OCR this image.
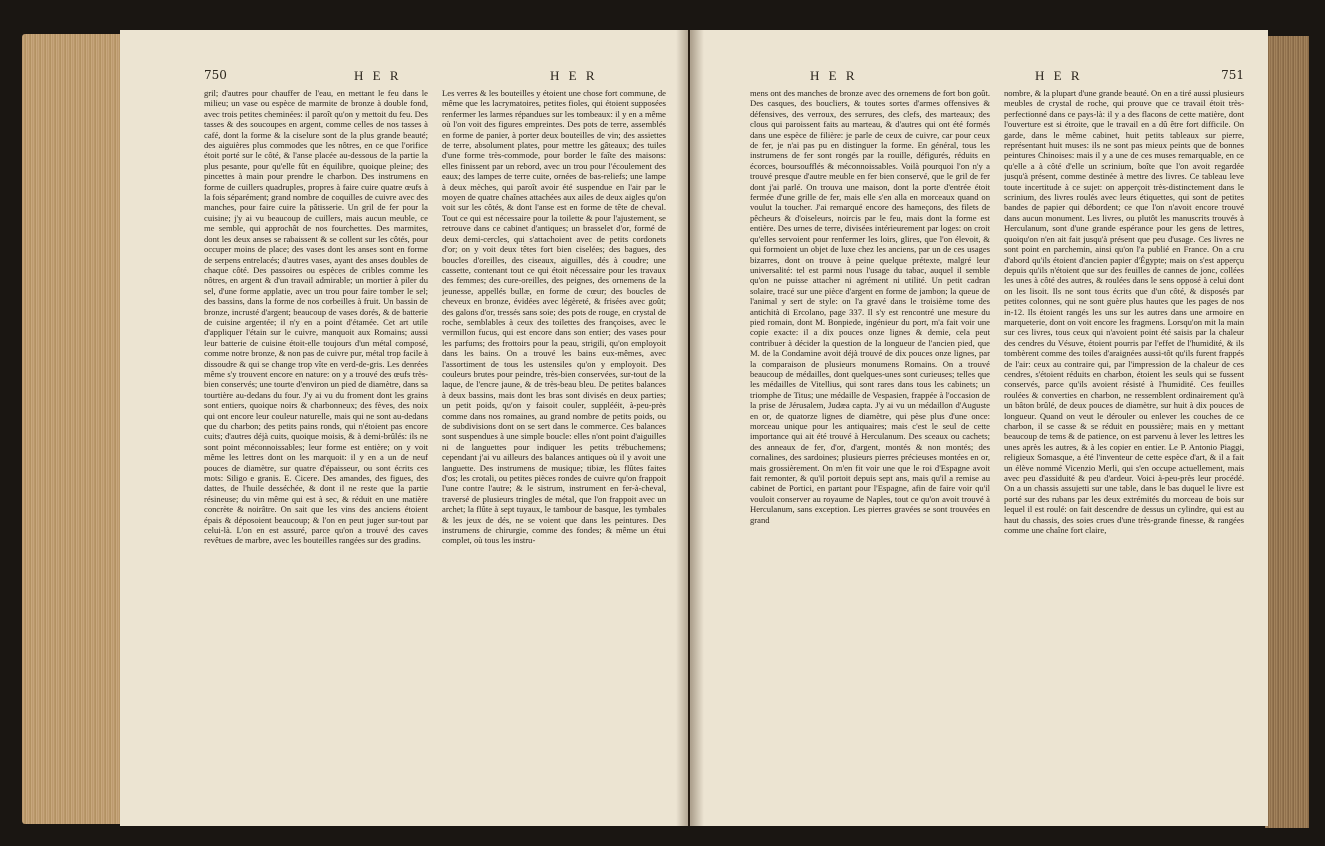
750	H E R	H E R
gril; d'autres pour chauffer de l'eau, en mettant le feu dans le milieu; un vase ou espèce de marmite de bronze à double fond, avec trois petites cheminées: il paroît qu'on y mettoit du feu. Des tasses & des soucoupes en argent, comme celles de nos tasses à café, dont la forme & la ciselure sont de la plus grande beauté; des aiguières plus commodes que les nôtres, en ce que l'orifice étoit porté sur le côté, & l'anse placée au-dessous de la partie la plus pesante, pour qu'elle fût en équilibre, quoique pleine; des pincettes à main pour prendre le charbon. Des instrumens en forme de cuillers quadruples, propres à faire cuire quatre œufs à la fois séparément; grand nombre de coquilles de cuivre avec des manches, pour faire cuire la pâtisserie. Un gril de fer pour la cuisine; j'y ai vu beaucoup de cuillers, mais aucun meuble, ce me semble, qui approchât de nos fourchettes. Des marmites, dont les deux anses se rabaissent & se collent sur les côtés, pour occuper moins de place; des vases dont les anses sont en forme de serpens entrelacés; d'autres vases, ayant des anses doubles de chaque côté. Des passoires ou espèces de cribles comme les nôtres, en argent & d'un travail admirable; un mortier à piler du sel, d'une forme applatie, avec un trou pour faire tomber le sel; des bassins, dans la forme de nos corbeilles à fruit. Un bassin de bronze, incrusté d'argent; beaucoup de vases dorés, & de batterie de cuisine argentée; il n'y en a point d'étamée. Cet art utile d'appliquer l'étain sur le cuivre, manquoit aux Romains; aussi leur batterie de cuisine étoit-elle toujours d'un métal composé, comme notre bronze, & non pas de cuivre pur, métal trop facile à dissoudre & qui se change trop vîte en verd-de-gris. Les denrées même s'y trouvent encore en nature: on y a trouvé des œufs très-bien conservés; une tourte d'environ un pied de diamètre, dans sa tourtière au-dedans du four. J'y ai vu du froment dont les grains sont entiers, quoique noirs & charbonneux; des fèves, des noix qui ont encore leur couleur naturelle, mais qui ne sont au-dedans que du charbon; des petits pains ronds, qui n'étoient pas encore cuits; d'autres déjà cuits, quoique moisis, & à demi-brûlés: ils ne sont point méconnoissables; leur forme est entière; on y voit même les lettres dont on les marquoit: il y en a un de neuf pouces de diamètre, sur quatre d'épaisseur, ou sont écrits ces mots: Siligo e granis. E. Cicere. Des amandes, des figues, des dattes, de l'huile desséchée, & dont il ne reste que la partie résineuse; du vin même qui est à sec, & réduit en une matière concrète & noirâtre. On sait que les vins des anciens étoient épais & déposoient beaucoup; & l'on en peut juger sur-tout par celui-là. L'on en est assuré, parce qu'on a trouvé des caves revêtues de marbre, avec les bouteilles rangées sur des gradins.
Les verres & les bouteilles y étoient une chose fort commune, de même que les lacrymatoires, petites fioles, qui étoient supposées renfermer les larmes répandues sur les tombeaux: il y en a même où l'on voit des figures empreintes. Des pots de terre, assemblés en forme de panier, à porter deux bouteilles de vin; des assiettes de terre, absolument plates, pour mettre les gâteaux; des tuiles d'une forme très-commode, pour border le faîte des maisons: elles finissent par un rebord, avec un trou pour l'écoulement des eaux; des lampes de terre cuite, ornées de bas-reliefs; une lampe à deux mèches, qui paroît avoir été suspendue en l'air par le moyen de quatre chaînes attachées aux ailes de deux aigles qu'on voit sur les côtés, & dont l'anse est en forme de tête de cheval. Tout ce qui est nécessaire pour la toilette & pour l'ajustement, se retrouve dans ce cabinet d'antiques; un brasselet d'or, formé de deux demi-cercles, qui s'attachoient avec de petits cordonets d'or; on y voit deux têtes fort bien ciselées; des bagues, des boucles d'oreilles, des ciseaux, aiguilles, dés à coudre; une cassette, contenant tout ce qui étoit nécessaire pour les travaux des femmes; des cure-oreilles, des peignes, des ornemens de la jeunesse, appellés bullæ, en forme de cœur; des boucles de cheveux en bronze, évidées avec légèreté, & frisées avec goût; des galons d'or, tressés sans soie; des pots de rouge, en crystal de roche, semblables à ceux des toilettes des françoises, avec le vermillon fucus, qui est encore dans son entier; des vases pour les parfums; des frottoirs pour la peau, strigili, qu'on employoit dans les bains. On a trouvé les bains eux-mêmes, avec l'assortiment de tous les ustensiles qu'on y employoit. Des couleurs brutes pour peindre, très-bien conservées, sur-tout de la laque, de l'encre jaune, & de très-beau bleu. De petites balances à deux bassins, mais dont les bras sont divisés en deux parties; un petit poids, qu'on y faisoit couler, supplééit, à-peu-près comme dans nos romaines, au grand nombre de petits poids, ou de subdivisions dont on se sert dans le commerce. Ces balances sont suspendues à une simple boucle: elles n'ont point d'aiguilles ni de languettes pour indiquer les petits trébuchemens; cependant j'ai vu ailleurs des balances antiques où il y avoit une languette. Des instrumens de musique; tibiæ, les flûtes faites d'os; les crotali, ou petites pièces rondes de cuivre qu'on frappoit l'une contre l'autre; & le sistrum, instrument en fer-à-cheval, traversé de plusieurs tringles de métal, que l'on frappoit avec un archet; la flûte à sept tuyaux, le tambour de basque, les tymbales & les jeux de dés, ne se voient que dans les peintures. Des instrumens de chirurgie, comme des fondes; & même un étui complet, où tous les instru-
H E R	H E R	751
mens ont des manches de bronze avec des ornemens de fort bon goût. Des casques, des boucliers, & toutes sortes d'armes offensives & défensives, des verroux, des serrures, des clefs, des marteaux; des clous qui paroissent faits au marteau, & d'autres qui ont été formés dans une espèce de filière: je parle de ceux de cuivre, car pour ceux de fer, je n'ai pas pu en distinguer la forme. En général, tous les instrumens de fer sont rongés par la rouille, défigurés, réduits en écorces, boursoufflés & méconnoissables. Voilà pourquoi l'on n'y a trouvé presque d'autre meuble en fer bien conservé, que le gril de fer dont j'ai parlé. On trouva une maison, dont la porte d'entrée étoit fermée d'une grille de fer, mais elle s'en alla en morceaux quand on voulut la toucher. J'ai remarqué encore des hameçons, des filets de pêcheurs & d'oiseleurs, noircis par le feu, mais dont la forme est entière. Des urnes de terre, divisées intérieurement par loges: on croit qu'elles servoient pour renfermer les loirs, glires, que l'on élevoit, & qui formoient un objet de luxe chez les anciens, par un de ces usages bizarres, dont on trouve à peine quelque prétexte, malgré leur universalité: tel est parmi nous l'usage du tabac, auquel il semble qu'on ne puisse attacher ni agrément ni utilité. Un petit cadran solaire, tracé sur une pièce d'argent en forme de jambon; la queue de l'animal y sert de style: on l'a gravé dans le troisième tome des antichità di Ercolano, page 337. Il s'y est rencontré une mesure du pied romain, dont M. Bonpiede, ingénieur du port, m'a fait voir une copie exacte: il a dix pouces onze lignes & demie, cela peut contribuer à décider la question de la longueur de l'ancien pied, que M. de la Condamine avoit déjà trouvé de dix pouces onze lignes, par la comparaison de plusieurs monumens Romains. On a trouvé beaucoup de médailles, dont quelques-unes sont curieuses; telles que les médailles de Vitellius, qui sont rares dans tous les cabinets; un triomphe de Titus; une médaille de Vespasien, frappée à l'occasion de la prise de Jérusalem, Judæa capta. J'y ai vu un médaillon d'Auguste en or, de quatorze lignes de diamètre, qui pèse plus d'une once: morceau unique pour les antiquaires; mais c'est le seul de cette importance qui ait été trouvé à Herculanum. Des sceaux ou cachets; des anneaux de fer, d'or, d'argent, montés & non montés; des cornalines, des sardoines; plusieurs pierres précieuses montées en or, mais grossièrement. On m'en fit voir une que le roi d'Espagne avoit fait remonter, & qu'il portoit depuis sept ans, mais qu'il a remise au cabinet de Portici, en partant pour l'Espagne, afin de faire voir qu'il vouloit conserver au royaume de Naples, tout ce qu'on avoit trouvé à Herculanum, sans exception. Les pierres gravées se sont trouvées en grand
nombre, & la plupart d'une grande beauté. On en a tiré aussi plusieurs meubles de crystal de roche, qui prouve que ce travail étoit très-perfectionné dans ce pays-là: il y a des flacons de cette matière, dont l'ouverture est si étroite, que le travail en a dû être fort difficile. On garde, dans le même cabinet, huit petits tableaux sur pierre, représentant huit muses: ils ne sont pas mieux peints que de bonnes peintures Chinoises: mais il y a une de ces muses remarquable, en ce qu'elle a à côté d'elle un scrinium, boîte que l'on avoit regardée jusqu'à présent, comme destinée à mettre des livres. Ce tableau leve toute incertitude à ce sujet: on apperçoit très-distinctement dans le scrinium, des livres roulés avec leurs étiquettes, qui sont de petites bandes de papier qui débordent; ce que l'on n'avoit encore trouvé dans aucun monument. Les livres, ou plutôt les manuscrits trouvés à Herculanum, sont d'une grande espérance pour les gens de lettres, quoiqu'on n'en ait fait jusqu'à présent que peu d'usage. Ces livres ne sont point en parchemin, ainsi qu'on l'a publié en France. On a cru d'abord qu'ils étoient d'ancien papier d'Égypte; mais on s'est apperçu depuis qu'ils n'étoient que sur des feuilles de cannes de jonc, collées les unes à côté des autres, & roulées dans le sens opposé à celui dont on les lisoit. Ils ne sont tous écrits que d'un côté, & disposés par petites colonnes, qui ne sont guère plus hautes que les pages de nos in-12. Ils étoient rangés les uns sur les autres dans une armoire en marqueterie, dont on voit encore les fragmens. Lorsqu'on mit la main sur ces livres, tous ceux qui n'avoient point été saisis par la chaleur des cendres du Vésuve, étoient pourris par l'effet de l'humidité, & ils tombèrent comme des toiles d'araignées aussi-tôt qu'ils furent frappés de l'air: ceux au contraire qui, par l'impression de la chaleur de ces cendres, s'étoient réduits en charbon, étoient les seuls qui se fussent conservés, parce qu'ils avoient résisté à l'humidité. Ces feuilles roulées & converties en charbon, ne ressemblent ordinairement qu'à un bâton brûlé, de deux pouces de diamètre, sur huit à dix pouces de longueur. Quand on veut le dérouler ou enlever les couches de ce charbon, il se casse & se réduit en poussière; mais en y mettant beaucoup de tems & de patience, on est parvenu à lever les lettres les unes après les autres, & à les copier en entier. Le P. Antonio Piaggi, religieux Somasque, a été l'inventeur de cette espèce d'art, & il a fait un élève nommé Vicenzio Merli, qui s'en occupe actuellement, mais avec peu d'assiduité & peu d'ardeur. Voici à-peu-près leur procédé. On a un chassis assujetti sur une table, dans le bas duquel le livre est porté sur des rubans par les deux extrémités du morceau de bois sur lequel il est roulé: on fait descendre de dessus un cylindre, qui est au haut du chassis, des soies crues d'une très-grande finesse, & rangées comme une chaîne fort claire,
